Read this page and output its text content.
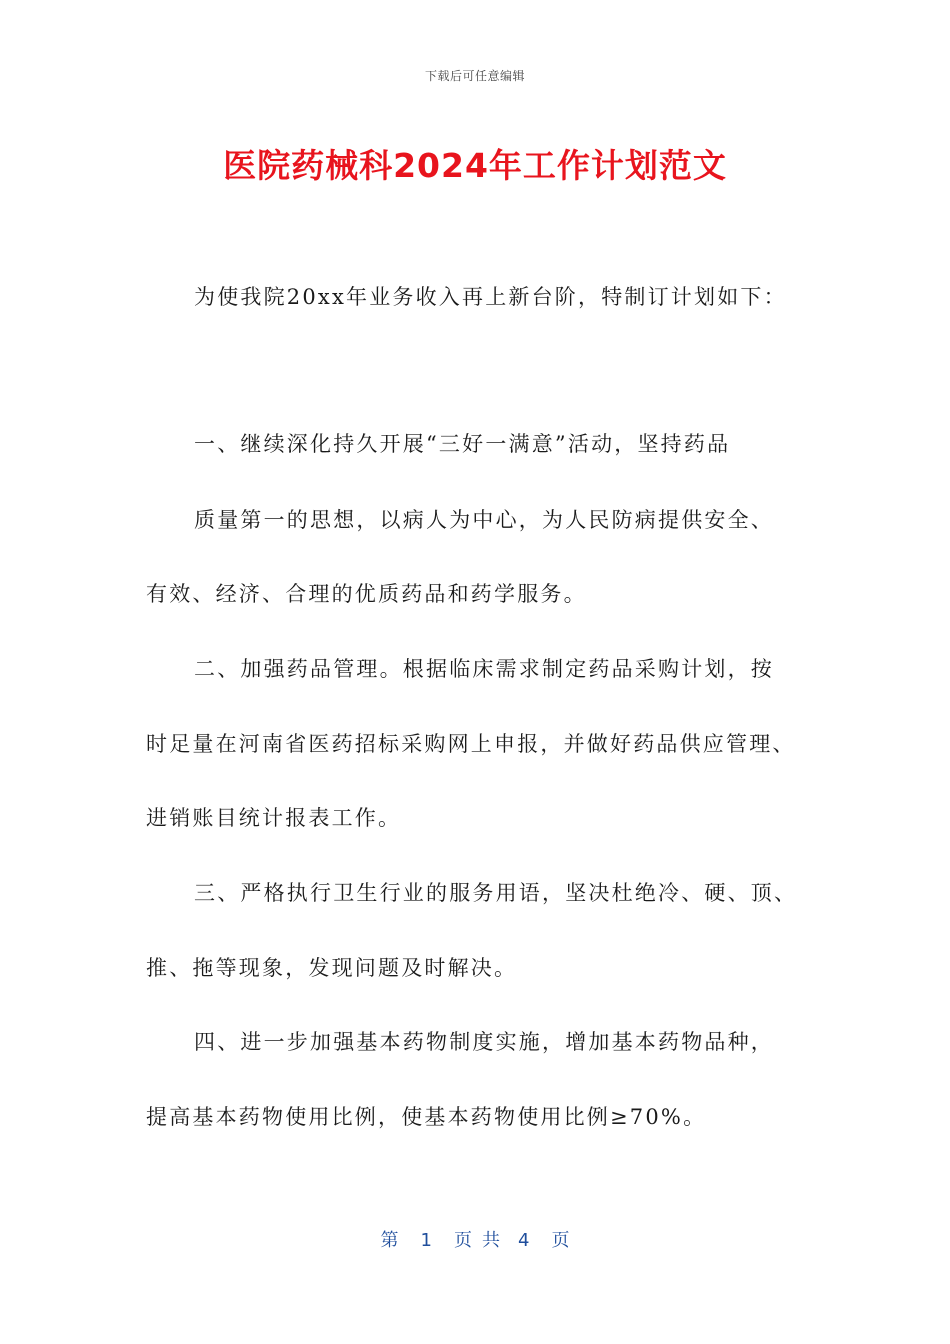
下载后可任意编辑
医院药械科2024年工作计划范文
为使我院20xx年业务收入再上新台阶，特制订计划如下：
一、继续深化持久开展“三好一满意”活动，坚持药品
质量第一的思想，以病人为中心，为人民防病提供安全、
有效、经济、合理的优质药品和药学服务。
二、加强药品管理。根据临床需求制定药品采购计划，按
时足量在河南省医药招标采购网上申报，并做好药品供应管理、
进销账目统计报表工作。
三、严格执行卫生行业的服务用语，坚决杜绝冷、硬、顶、
推、拖等现象，发现问题及时解决。
四、进一步加强基本药物制度实施，增加基本药物品种，
提高基本药物使用比例，使基本药物使用比例≥70%。
第 1 页共 4 页
